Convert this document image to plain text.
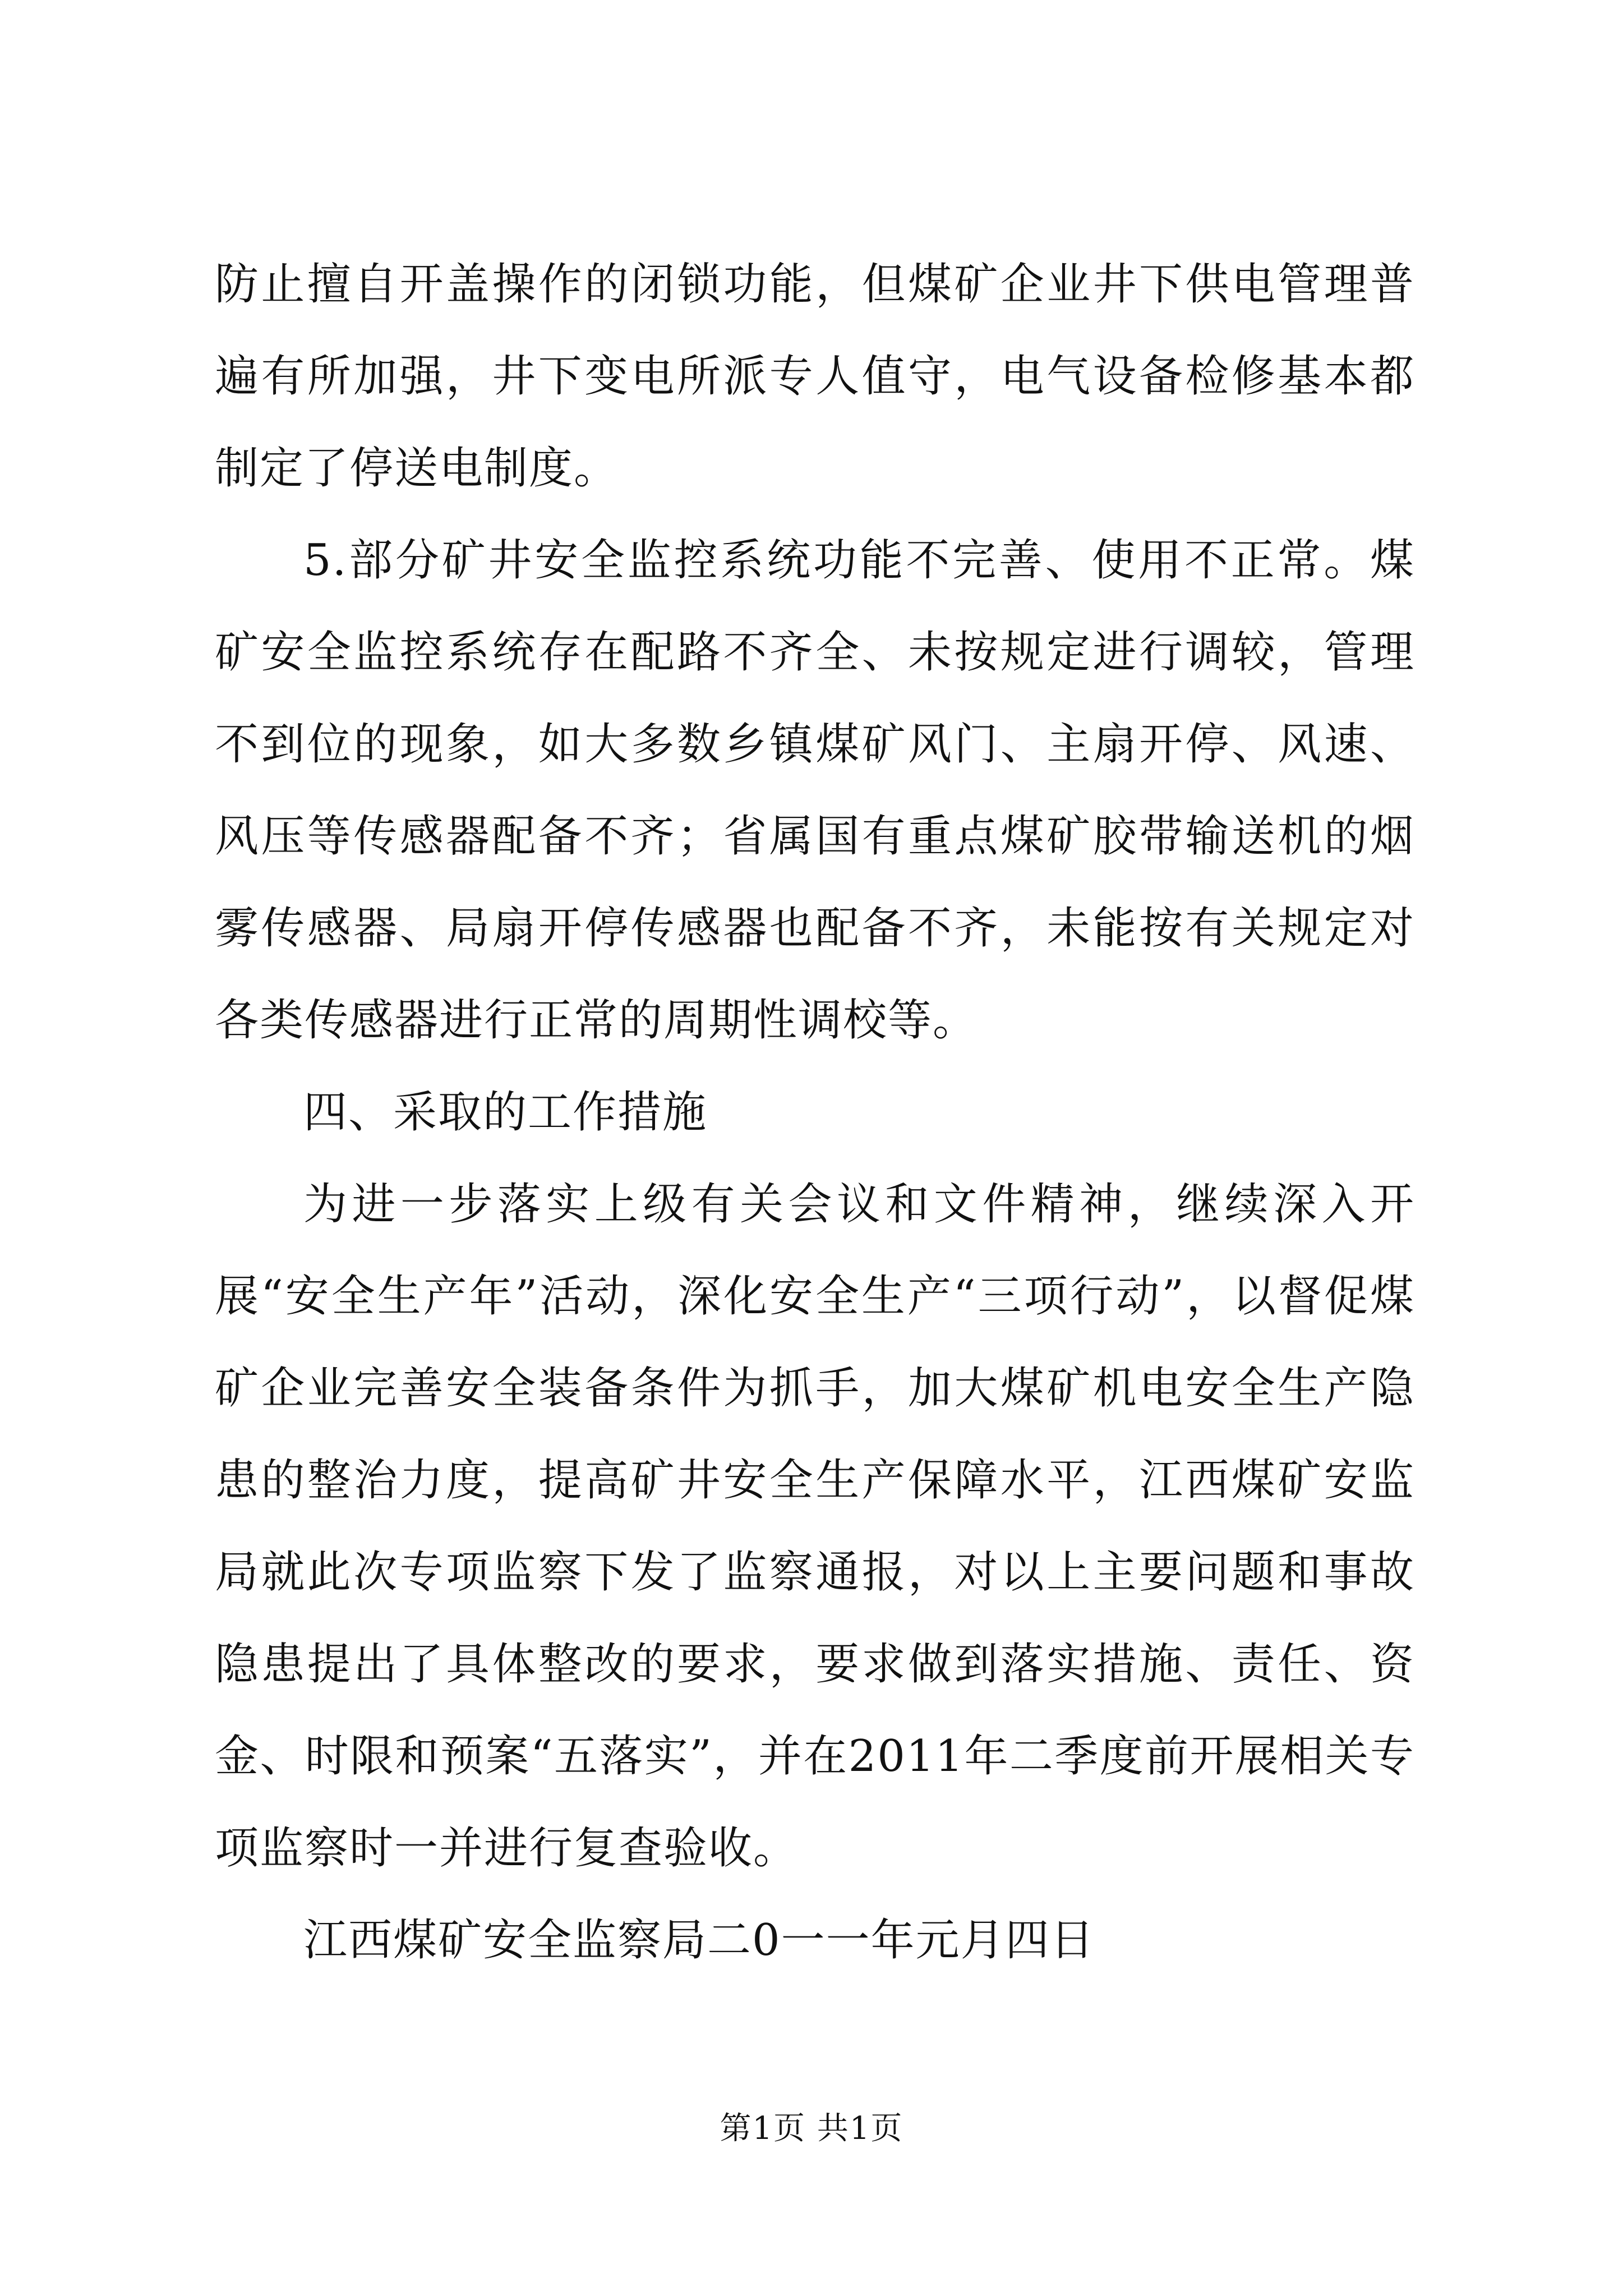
防止擅自开盖操作的闭锁功能，但煤矿企业井下供电管理普遍有所加强，井下变电所派专人值守，电气设备检修基本都制定了停送电制度。

5.部分矿井安全监控系统功能不完善、使用不正常。煤矿安全监控系统存在配路不齐全、未按规定进行调较，管理不到位的现象，如大多数乡镇煤矿风门、主扇开停、风速、风压等传感器配备不齐；省属国有重点煤矿胶带输送机的烟雾传感器、局扇开停传感器也配备不齐，未能按有关规定对各类传感器进行正常的周期性调校等。

四、采取的工作措施

为进一步落实上级有关会议和文件精神，继续深入开展“安全生产年”活动，深化安全生产“三项行动”，以督促煤矿企业完善安全装备条件为抓手，加大煤矿机电安全生产隐患的整治力度，提高矿井安全生产保障水平，江西煤矿安监局就此次专项监察下发了监察通报，对以上主要问题和事故隐患提出了具体整改的要求，要求做到落实措施、责任、资金、时限和预案“五落实”，并在2011年二季度前开展相关专项监察时一并进行复查验收。

江西煤矿安全监察局二0一一年元月四日

第1页 共1页
